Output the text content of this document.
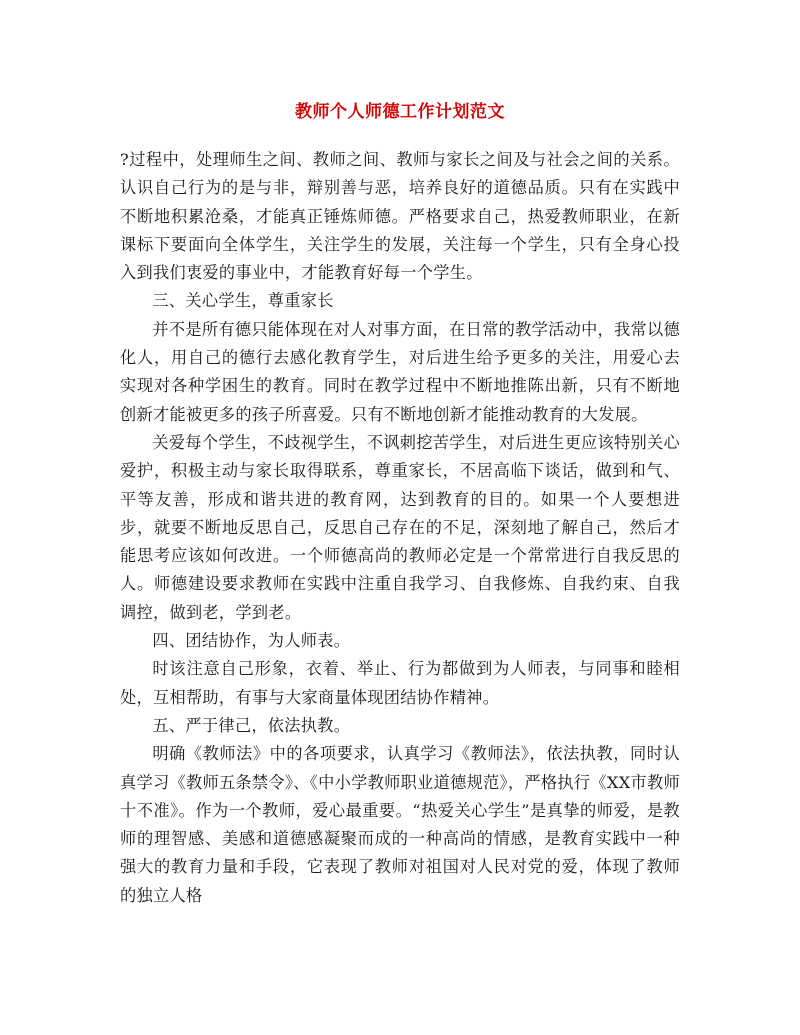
教师个人师德工作计划范文

?过程中，处理师生之间、教师之间、教师与家长之间及与社会之间的关系。认识自己行为的是与非，辩别善与恶，培养良好的道德品质。只有在实践中不断地积累沧桑，才能真正锤炼师德。严格要求自己，热爱教师职业，在新课标下要面向全体学生，关注学生的发展，关注每一个学生，只有全身心投入到我们衷爱的事业中，才能教育好每一个学生。

三、关心学生，尊重家长

并不是所有德只能体现在对人对事方面，在日常的教学活动中，我常以德化人，用自己的德行去感化教育学生，对后进生给予更多的关注，用爱心去实现对各种学困生的教育。同时在教学过程中不断地推陈出新，只有不断地创新才能被更多的孩子所喜爱。只有不断地创新才能推动教育的大发展。

关爱每个学生，不歧视学生，不讽刺挖苦学生，对后进生更应该特别关心爱护，积极主动与家长取得联系，尊重家长，不居高临下谈话，做到和气、平等友善，形成和谐共进的教育网，达到教育的目的。如果一个人要想进步，就要不断地反思自己，反思自己存在的不足，深刻地了解自己，然后才能思考应该如何改进。一个师德高尚的教师必定是一个常常进行自我反思的人。师德建设要求教师在实践中注重自我学习、自我修炼、自我约束、自我调控，做到老，学到老。

四、团结协作，为人师表。

时该注意自己形象，衣着、举止、行为都做到为人师表，与同事和睦相处，互相帮助，有事与大家商量体现团结协作精神。

五、严于律己，依法执教。

明确《教师法》中的各项要求，认真学习《教师法》，依法执教，同时认真学习《教师五条禁令》、《中小学教师职业道德规范》，严格执行《XX市教师十不准》。作为一个教师，爱心最重要。“热爱关心学生”是真挚的师爱，是教师的理智感、美感和道德感凝聚而成的一种高尚的情感，是教育实践中一种强大的教育力量和手段，它表现了教师对祖国对人民对党的爱，体现了教师的独立人格
